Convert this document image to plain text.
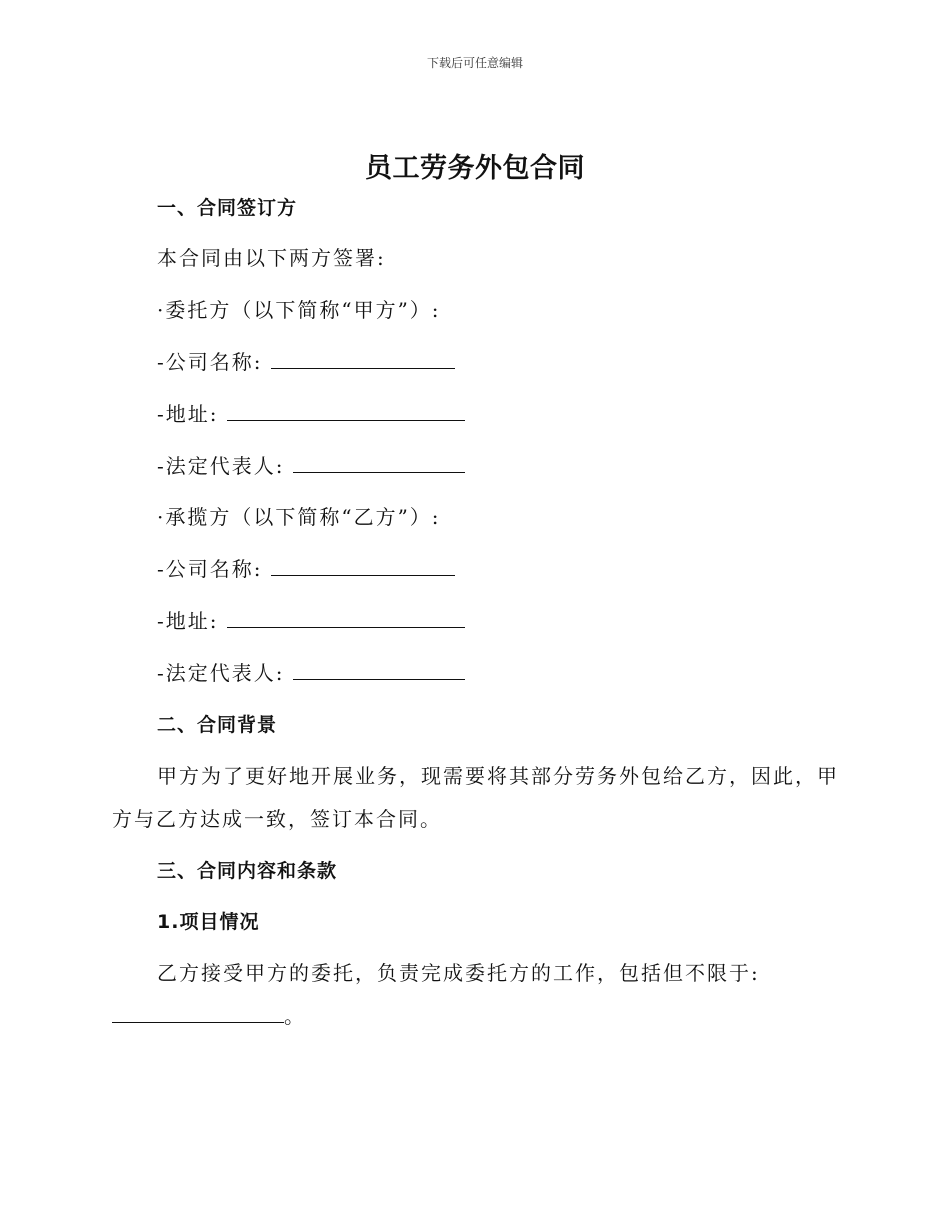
下载后可任意编辑
员工劳务外包合同
一、合同签订方
本合同由以下两方签署:
·委托方（以下简称“甲方”）:
-公司名称:
-地址:
-法定代表人:
·承揽方（以下简称“乙方”）:
-公司名称:
-地址:
-法定代表人:
二、合同背景
甲方为了更好地开展业务，现需要将其部分劳务外包给乙方，因此，甲
方与乙方达成一致，签订本合同。
三、合同内容和条款
1.项目情况
乙方接受甲方的委托，负责完成委托方的工作，包括但不限于:
。
